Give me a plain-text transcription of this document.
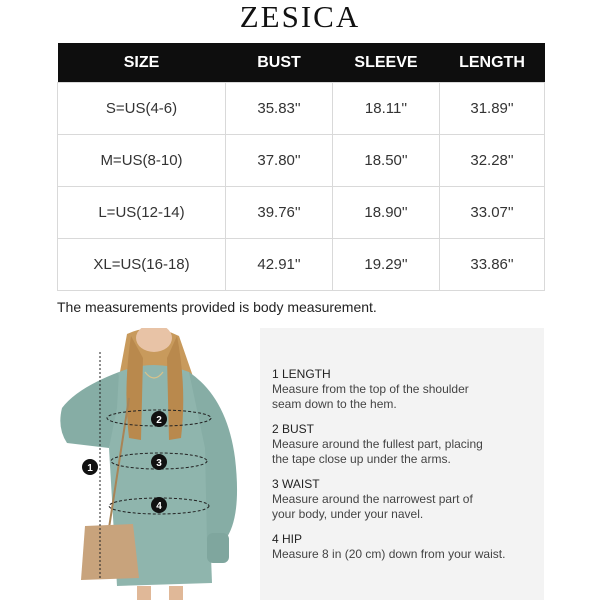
ZESICA
SIZE	BUST	SLEEVE	LENGTH
S=US(4-6)	35.83''	18.11''	31.89''
M=US(8-10)	37.80''	18.50''	32.28''
L=US(12-14)	39.76''	18.90''	33.07''
XL=US(16-18)	42.91''	19.29''	33.86''
The measurements provided is body measurement.
1
2
3
4
1 LENGTH
Measure from the top of the shoulder
seam down to the hem.
2 BUST
Measure around the fullest part, placing
the tape close up under the arms.
3 WAIST
Measure around the narrowest part of
your body, under your navel.
4 HIP
Measure 8 in (20 cm) down from your waist.
